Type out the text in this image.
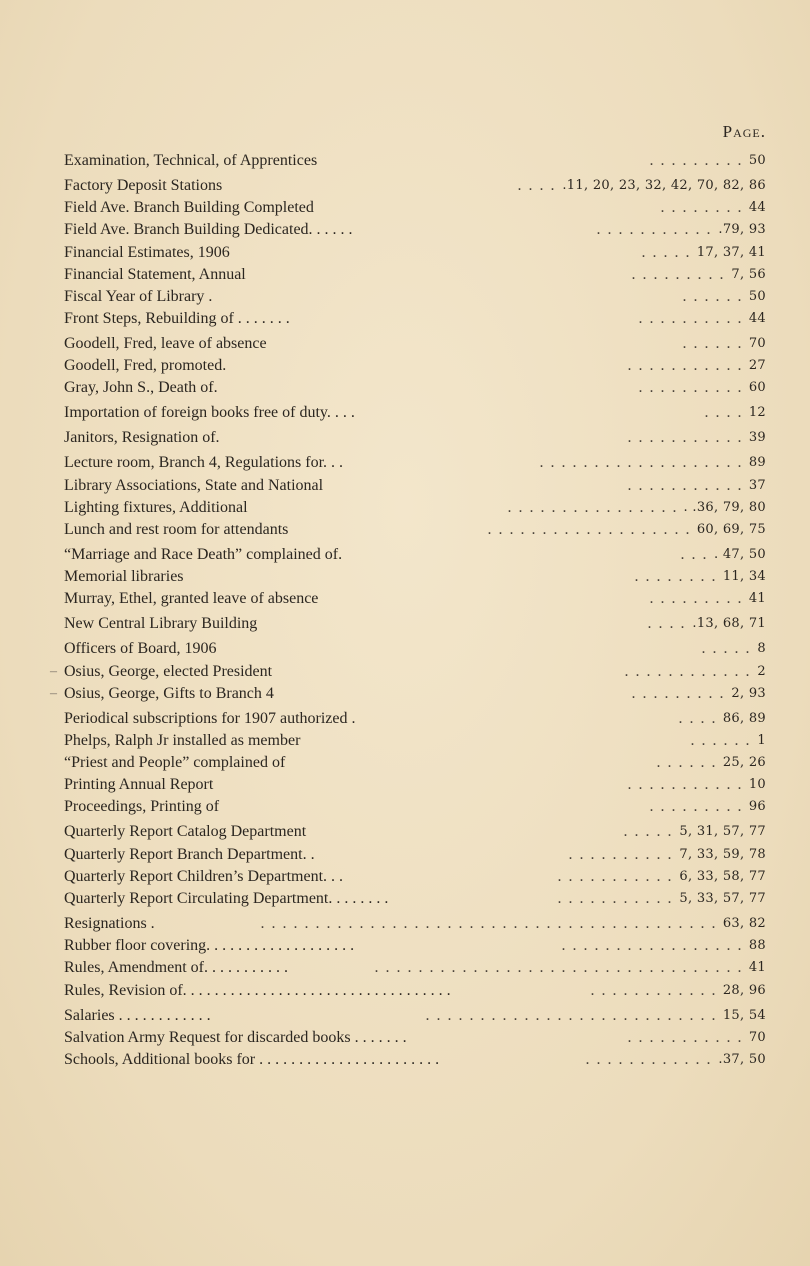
Page.
Examination, Technical, of Apprentices	. . . . . . . . . 50
Factory Deposit Stations	. . . . .11, 20, 23, 32, 42, 70, 82, 86
Field Ave. Branch Building Completed	. . . . . . . . 44
Field Ave. Branch Building Dedicated. . . . . .	. . . . . . . . . . . .79, 93
Financial Estimates, 1906	. . . . . 17, 37, 41
Financial Statement, Annual	. . . . . . . . . 7, 56
Fiscal Year of Library .	. . . . . . 50
Front Steps, Rebuilding of . . . . . . .	. . . . . . . . . . 44
Goodell, Fred, leave of absence	. . . . . . 70
Goodell, Fred, promoted.	. . . . . . . . . . . 27
Gray, John S., Death of.	. . . . . . . . . . 60
Importation of foreign books free of duty. . . .	. . . . 12
Janitors, Resignation of.	. . . . . . . . . . . 39
Lecture room, Branch 4, Regulations for. . .	. . . . . . . . . . . . . . . . . . . 89
Library Associations, State and National	. . . . . . . . . . . 37
Lighting fixtures, Additional	. . . . . . . . . . . . . . . . . .36, 79, 80
Lunch and rest room for attendants	. . . . . . . . . . . . . . . . . . . 60, 69, 75
“Marriage and Race Death” complained of.	. . . . 47, 50
Memorial libraries	. . . . . . . . 11, 34
Murray, Ethel, granted leave of absence	. . . . . . . . . 41
New Central Library Building	. . . . .13, 68, 71
Officers of Board, 1906	. . . . . 8
– Osius, George, elected President	. . . . . . . . . . . . 2
– Osius, George, Gifts to Branch 4	. . . . . . . . . 2, 93
Periodical subscriptions for 1907 authorized .	. . . . 86, 89
Phelps, Ralph Jr installed as member	. . . . . . 1
“Priest and People” complained of	. . . . . . 25, 26
Printing Annual Report	. . . . . . . . . . . 10
Proceedings, Printing of	. . . . . . . . . 96
Quarterly Report Catalog Department	. . . . . 5, 31, 57, 77
Quarterly Report Branch Department. .	. . . . . . . . . . 7, 33, 59, 78
Quarterly Report Children’s Department. . .	. . . . . . . . . . . 6, 33, 58, 77
Quarterly Report Circulating Department. . . . . . . .	. . . . . . . . . . . 5, 33, 57, 77
Resignations .	. . . . . . . . . . . . . . . . . . . . . . . . . . . . . . . . . . . . . . . . . . 63, 82
Rubber floor covering. . . . . . . . . . . . . . . . . . .	. . . . . . . . . . . . . . . . . 88
Rules, Amendment of. . . . . . . . . . .	. . . . . . . . . . . . . . . . . . . . . . . . . . . . . . . . . . 41
Rules, Revision of. . . . . . . . . . . . . . . . . . . . . . . . . . . . . . . . . .	. . . . . . . . . . . . 28, 96
Salaries . . . . . . . . . . . .	. . . . . . . . . . . . . . . . . . . . . . . . . . . 15, 54
Salvation Army Request for discarded books . . . . . . .	. . . . . . . . . . . 70
Schools, Additional books for . . . . . . . . . . . . . . . . . . . . . . .	. . . . . . . . . . . . .37, 50
